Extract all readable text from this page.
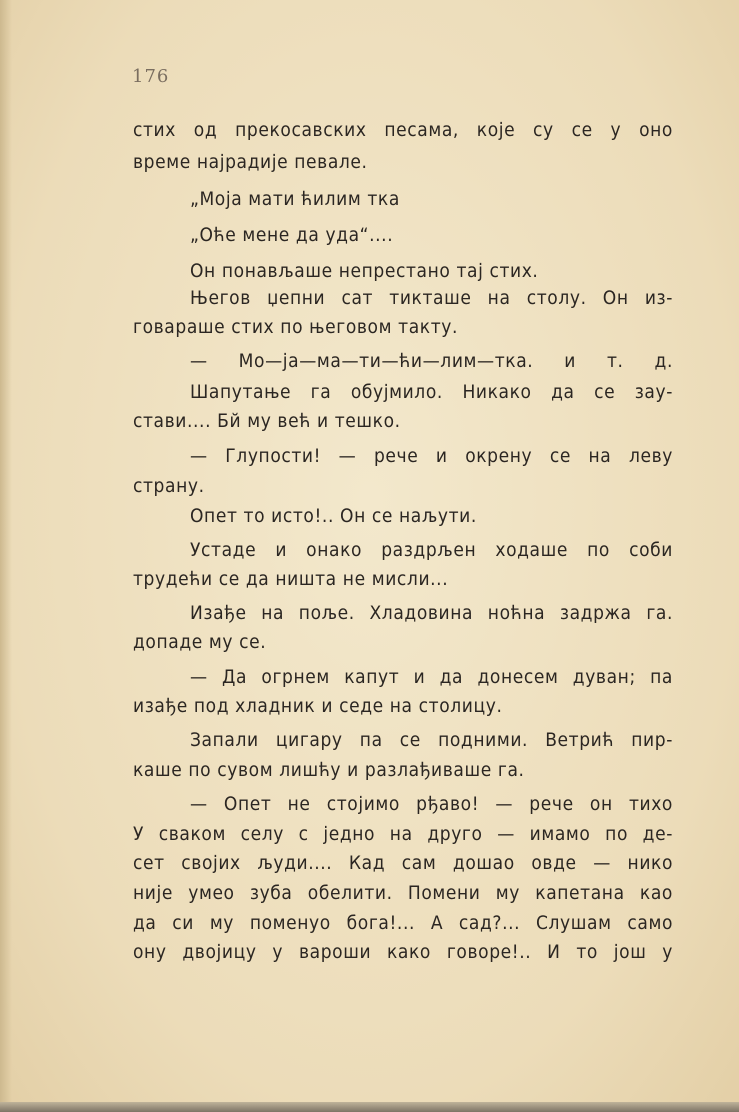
176
стих од прекосавских песама, које су се у оно
време најрадије певале.
„Моја мати ћилим тка
„Оће мене да уда“....
Он понављаше непрестано тај стих.
Његов џепни сат тикташе на столу. Он из-
говараше стих по његовом такту.
— Мо—ја—ма—ти—ћи—лим—тка. и т. д.
Шапутање га обујмило. Никако да се зау-
стави.... Бй му већ и тешко.
— Глупости! — рече и окрену се на леву
страну.
Опет то исто!.. Он се наљути.
Устаде и онако раздрљен ходаше по соби
трудећи се да ништа не мисли...
Изађе на поље. Хладовина ноћна задржа га.
допаде му се.
— Да огрнем капут и да донесем дуван; па
изађе под хладник и седе на столицу.
Запали цигару па се подними. Ветрић пир-
каше по сувом лишћу и разлађиваше га.
— Опет не стојимо рђаво! — рече он тихо
У сваком селу с једно на друго — имамо по де-
сет својих људи.... Кад сам дошао овде — нико
није умео зуба обелити. Помени му капетана као
да си му поменуо бога!... А сад?... Слушам само
ону двојицу у вароши како говоре!.. И то још у
